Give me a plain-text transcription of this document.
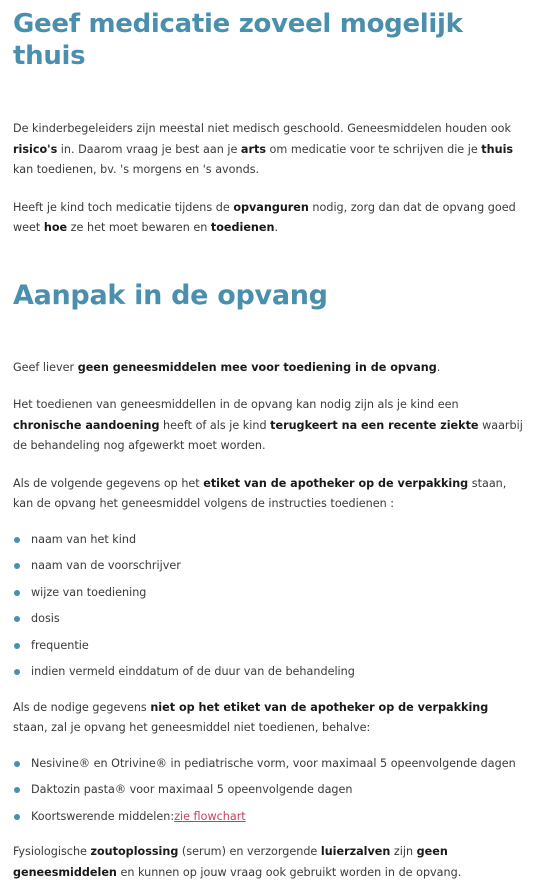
Geef medicatie zoveel mogelijk thuis

De kinderbegeleiders zijn meestal niet medisch geschoold. Geneesmiddelen houden ook risico's in. Daarom vraag je best aan je arts om medicatie voor te schrijven die je thuis kan toedienen, bv. 's morgens en 's avonds.

Heeft je kind toch medicatie tijdens de opvanguren nodig, zorg dan dat de opvang goed weet hoe ze het moet bewaren en toedienen.

Aanpak in de opvang

Geef liever geen geneesmiddelen mee voor toediening in de opvang.

Het toedienen van geneesmiddellen in de opvang kan nodig zijn als je kind een chronische aandoening heeft of als je kind terugkeert na een recente ziekte waarbij de behandeling nog afgewerkt moet worden.

Als de volgende gegevens op het etiket van de apotheker op de verpakking staan, kan de opvang het geneesmiddel volgens de instructies toedienen :

naam van het kind
naam van de voorschrijver
wijze van toediening
dosis
frequentie
indien vermeld einddatum of de duur van de behandeling

Als de nodige gegevens niet op het etiket van de apotheker op de verpakking staan, zal je opvang het geneesmiddel niet toedienen, behalve:

Nesivine® en Otrivine® in pediatrische vorm, voor maximaal 5 opeenvolgende dagen
Daktozin pasta® voor maximaal 5 opeenvolgende dagen
Koortswerende middelen: zie flowchart

Fysiologische zoutoplossing (serum) en verzorgende luierzalven zijn geen geneesmiddelen en kunnen op jouw vraag ook gebruikt worden in de opvang.
